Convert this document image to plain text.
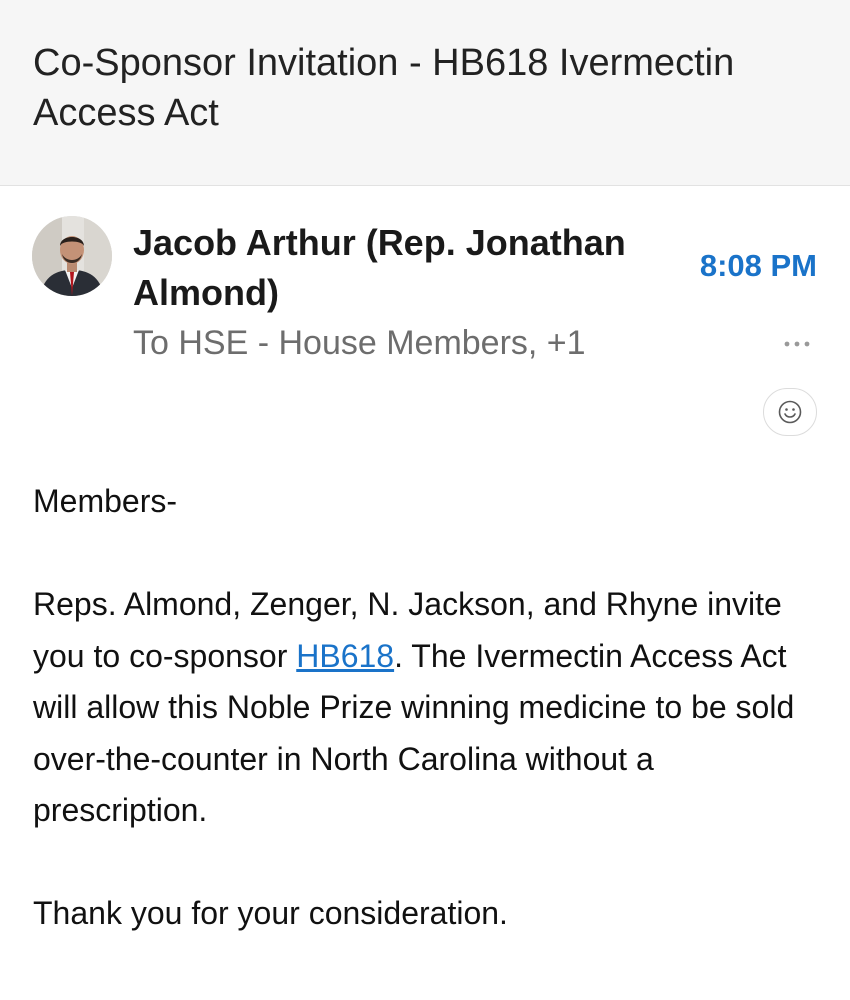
Co-Sponsor Invitation - HB618 Ivermectin Access Act
Jacob Arthur (Rep. Jonathan Almond)
To HSE - House Members, +1
8:08 PM

Members-

Reps. Almond, Zenger, N. Jackson, and Rhyne invite you to co-sponsor HB618. The Ivermectin Access Act will allow this Noble Prize winning medicine to be sold over-the-counter in North Carolina without a prescription.

Thank you for your consideration.
